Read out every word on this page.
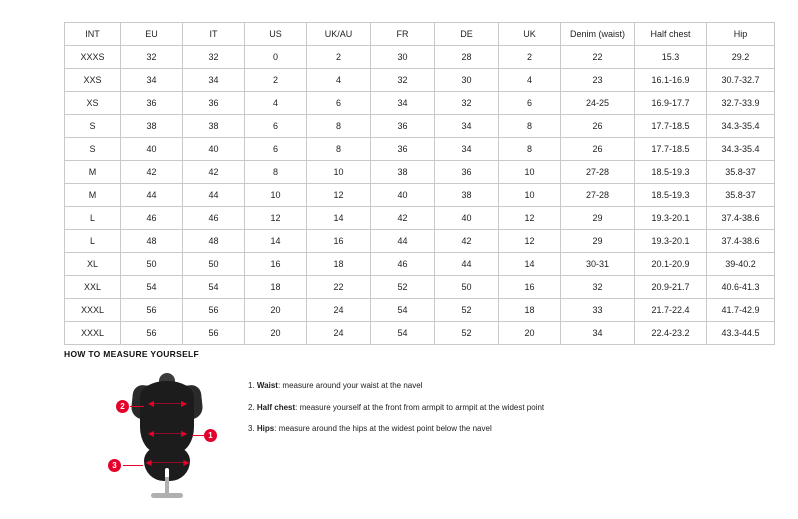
INT	EU	IT	US	UK/AU	FR	DE	UK	Denim (waist)	Half chest	Hip
XXXS	32	32	0	2	30	28	2	22	15.3	29.2
XXS	34	34	2	4	32	30	4	23	16.1-16.9	30.7-32.7
XS	36	36	4	6	34	32	6	24-25	16.9-17.7	32.7-33.9
S	38	38	6	8	36	34	8	26	17.7-18.5	34.3-35.4
S	40	40	6	8	36	34	8	26	17.7-18.5	34.3-35.4
M	42	42	8	10	38	36	10	27-28	18.5-19.3	35.8-37
M	44	44	10	12	40	38	10	27-28	18.5-19.3	35.8-37
L	46	46	12	14	42	40	12	29	19.3-20.1	37.4-38.6
L	48	48	14	16	44	42	12	29	19.3-20.1	37.4-38.6
XL	50	50	16	18	46	44	14	30-31	20.1-20.9	39-40.2
XXL	54	54	18	22	52	50	16	32	20.9-21.7	40.6-41.3
XXXL	56	56	20	24	54	52	18	33	21.7-22.4	41.7-42.9
XXXL	56	56	20	24	54	52	20	34	22.4-23.2	43.3-44.5
HOW TO MEASURE YOURSELF
◀──────▶
◀──────▶
◀───────▶
2
1
3
1. Waist: measure around your waist at the navel
2. Half chest: measure yourself at the front from armpit to armpit at the widest point
3. Hips: measure around the hips at the widest point below the navel
